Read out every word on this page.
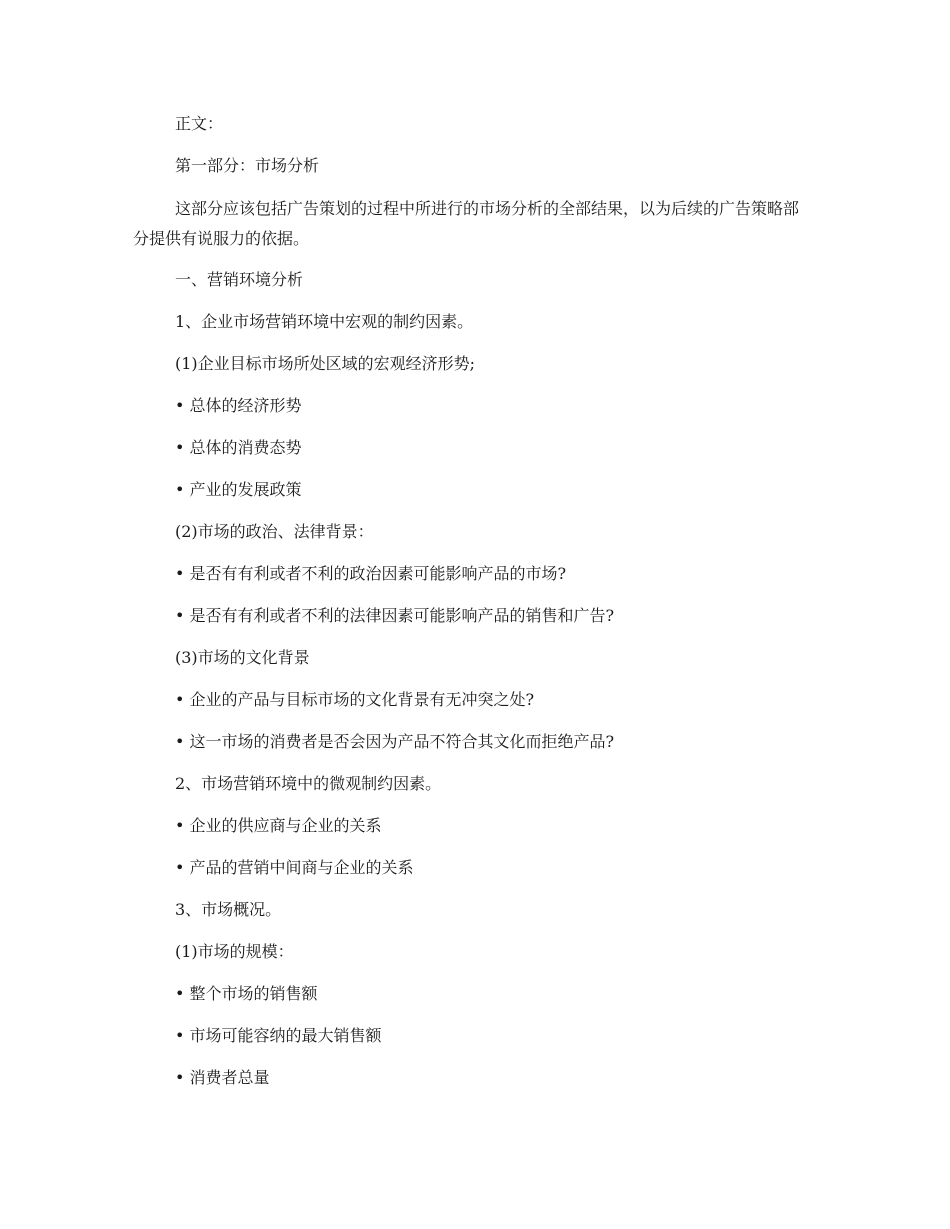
正文：

第一部分：市场分析

这部分应该包括广告策划的过程中所进行的市场分析的全部结果，以为后续的广告策略部分提供有说服力的依据。

一、营销环境分析

1、企业市场营销环境中宏观的制约因素。

(1)企业目标市场所处区域的宏观经济形势;

• 总体的经济形势

• 总体的消费态势

• 产业的发展政策

(2)市场的政治、法律背景：

• 是否有有利或者不利的政治因素可能影响产品的市场?

• 是否有有利或者不利的法律因素可能影响产品的销售和广告?

(3)市场的文化背景

• 企业的产品与目标市场的文化背景有无冲突之处?

• 这一市场的消费者是否会因为产品不符合其文化而拒绝产品?

2、市场营销环境中的微观制约因素。

• 企业的供应商与企业的关系

• 产品的营销中间商与企业的关系

3、市场概况。

(1)市场的规模：

• 整个市场的销售额

• 市场可能容纳的最大销售额

• 消费者总量
